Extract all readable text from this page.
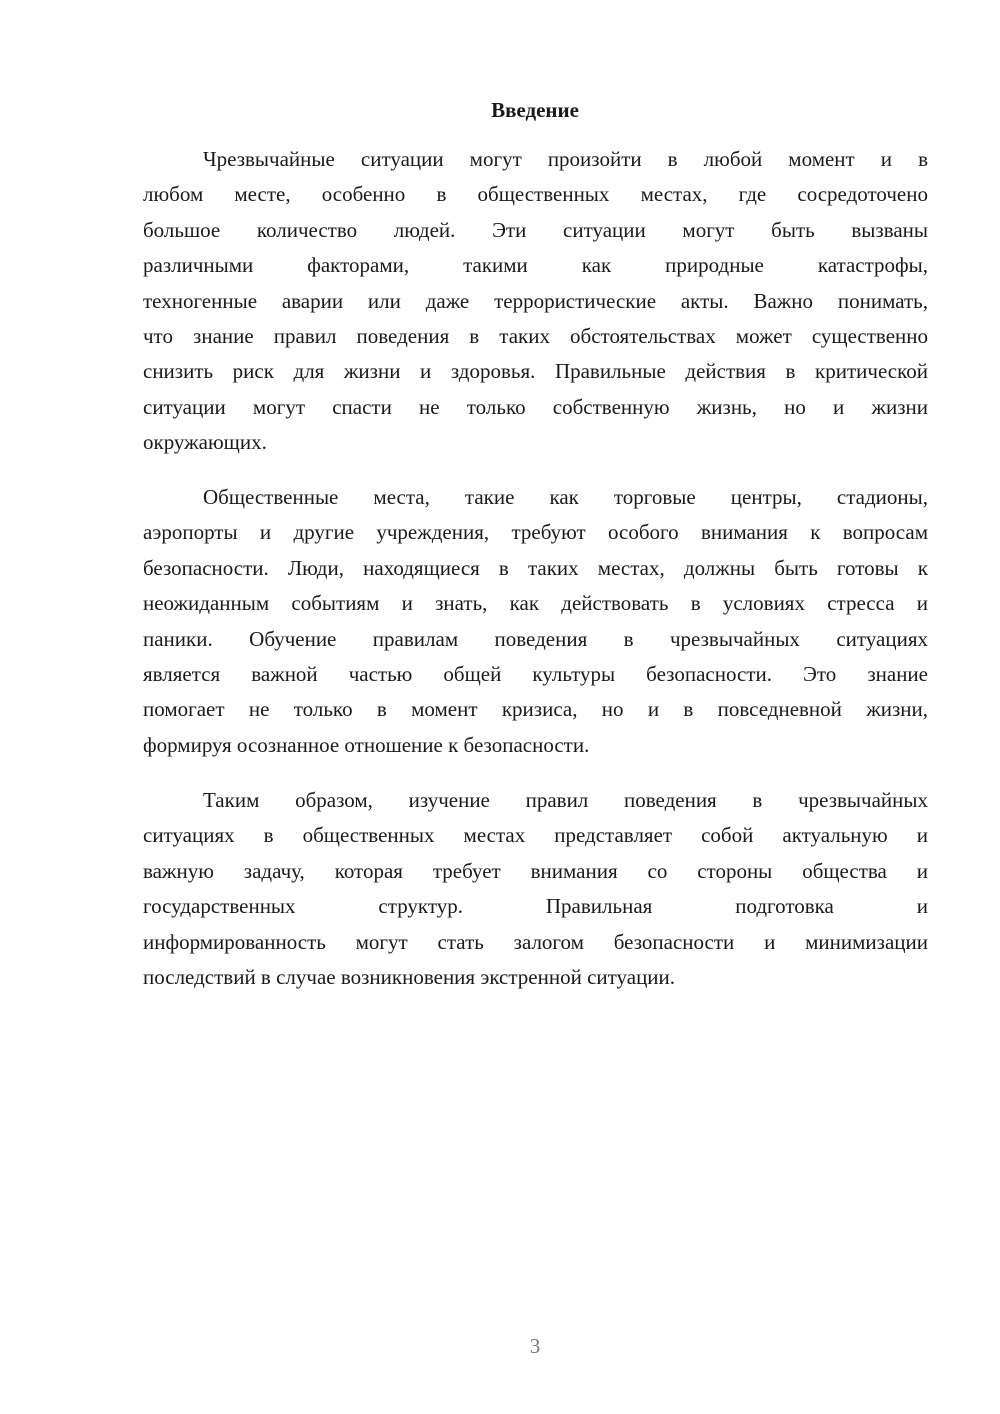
Введение
Чрезвычайные ситуации могут произойти в любой момент и в
любом месте, особенно в общественных местах, где сосредоточено
большое количество людей. Эти ситуации могут быть вызваны
различными факторами, такими как природные катастрофы,
техногенные аварии или даже террористические акты. Важно понимать,
что знание правил поведения в таких обстоятельствах может существенно
снизить риск для жизни и здоровья. Правильные действия в критической
ситуации могут спасти не только собственную жизнь, но и жизни
окружающих.
Общественные места, такие как торговые центры, стадионы,
аэропорты и другие учреждения, требуют особого внимания к вопросам
безопасности. Люди, находящиеся в таких местах, должны быть готовы к
неожиданным событиям и знать, как действовать в условиях стресса и
паники. Обучение правилам поведения в чрезвычайных ситуациях
является важной частью общей культуры безопасности. Это знание
помогает не только в момент кризиса, но и в повседневной жизни,
формируя осознанное отношение к безопасности.
Таким образом, изучение правил поведения в чрезвычайных
ситуациях в общественных местах представляет собой актуальную и
важную задачу, которая требует внимания со стороны общества и
государственных структур. Правильная подготовка и
информированность могут стать залогом безопасности и минимизации
последствий в случае возникновения экстренной ситуации.
3
